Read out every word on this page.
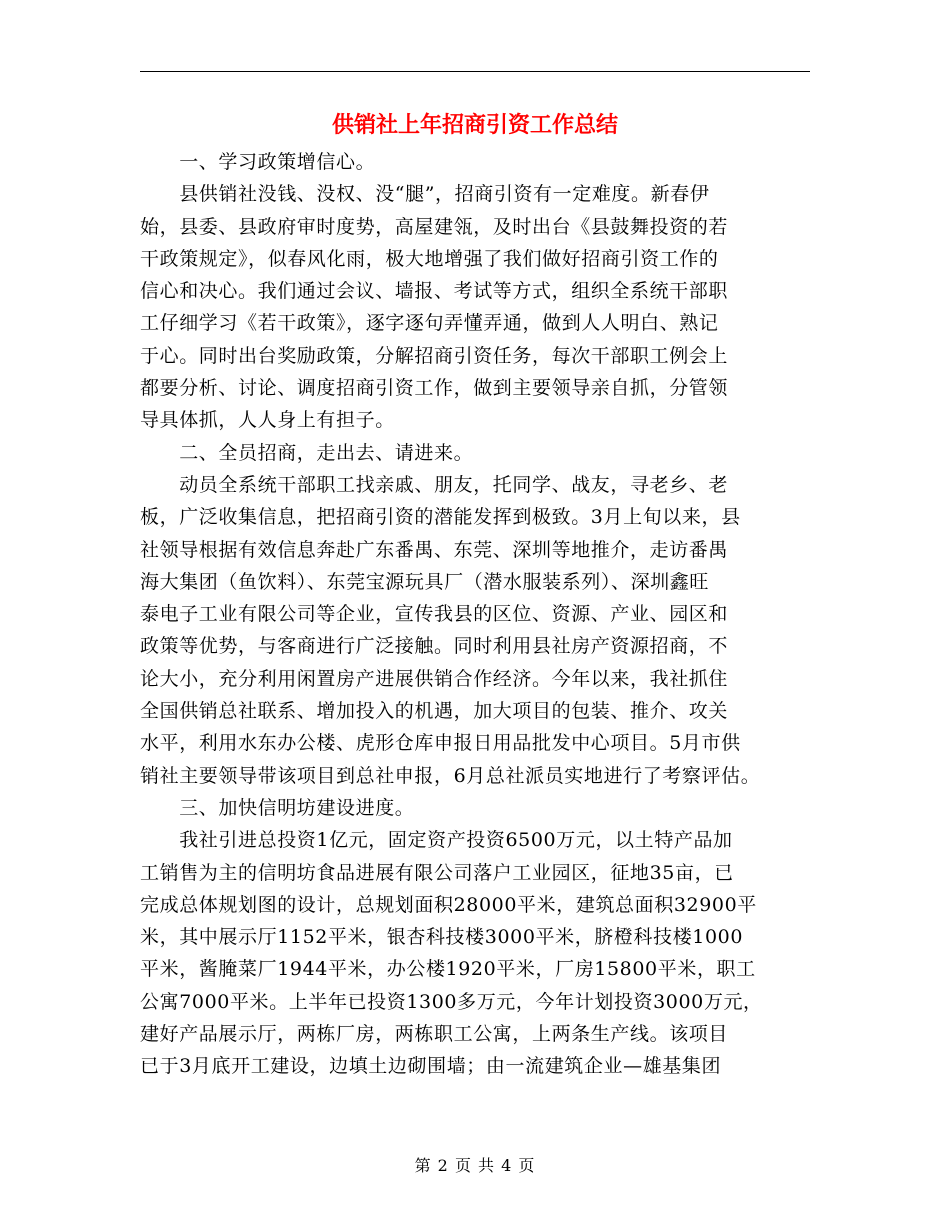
供销社上年招商引资工作总结
　　一、学习政策增信心。
　　县供销社没钱、没权、没“腿”，招商引资有一定难度。新春伊
始，县委、县政府审时度势，高屋建瓴，及时出台《县鼓舞投资的若
干政策规定》，似春风化雨，极大地增强了我们做好招商引资工作的
信心和决心。我们通过会议、墙报、考试等方式，组织全系统干部职
工仔细学习《若干政策》，逐字逐句弄懂弄通，做到人人明白、熟记
于心。同时出台奖励政策，分解招商引资任务，每次干部职工例会上
都要分析、讨论、调度招商引资工作，做到主要领导亲自抓，分管领
导具体抓，人人身上有担子。
　　二、全员招商，走出去、请进来。
　　动员全系统干部职工找亲戚、朋友，托同学、战友，寻老乡、老
板，广泛收集信息，把招商引资的潜能发挥到极致。3月上旬以来，县
社领导根据有效信息奔赴广东番禺、东莞、深圳等地推介，走访番禺
海大集团（鱼饮料）、东莞宝源玩具厂（潜水服装系列）、深圳鑫旺
泰电子工业有限公司等企业，宣传我县的区位、资源、产业、园区和
政策等优势，与客商进行广泛接触。同时利用县社房产资源招商，不
论大小，充分利用闲置房产进展供销合作经济。今年以来，我社抓住
全国供销总社联系、增加投入的机遇，加大项目的包装、推介、攻关
水平，利用水东办公楼、虎形仓库申报日用品批发中心项目。5月市供
销社主要领导带该项目到总社申报，6月总社派员实地进行了考察评估。
　　三、加快信明坊建设进度。
　　我社引进总投资1亿元，固定资产投资6500万元，以土特产品加
工销售为主的信明坊食品进展有限公司落户工业园区，征地35亩，已
完成总体规划图的设计，总规划面积28000平米，建筑总面积32900平
米，其中展示厅1152平米，银杏科技楼3000平米，脐橙科技楼1000
平米，酱腌菜厂1944平米，办公楼1920平米，厂房15800平米，职工
公寓7000平米。上半年已投资1300多万元，今年计划投资3000万元，
建好产品展示厅，两栋厂房，两栋职工公寓，上两条生产线。该项目
已于3月底开工建设，边填土边砌围墙；由一流建筑企业—雄基集团
第 2 页 共 4 页
